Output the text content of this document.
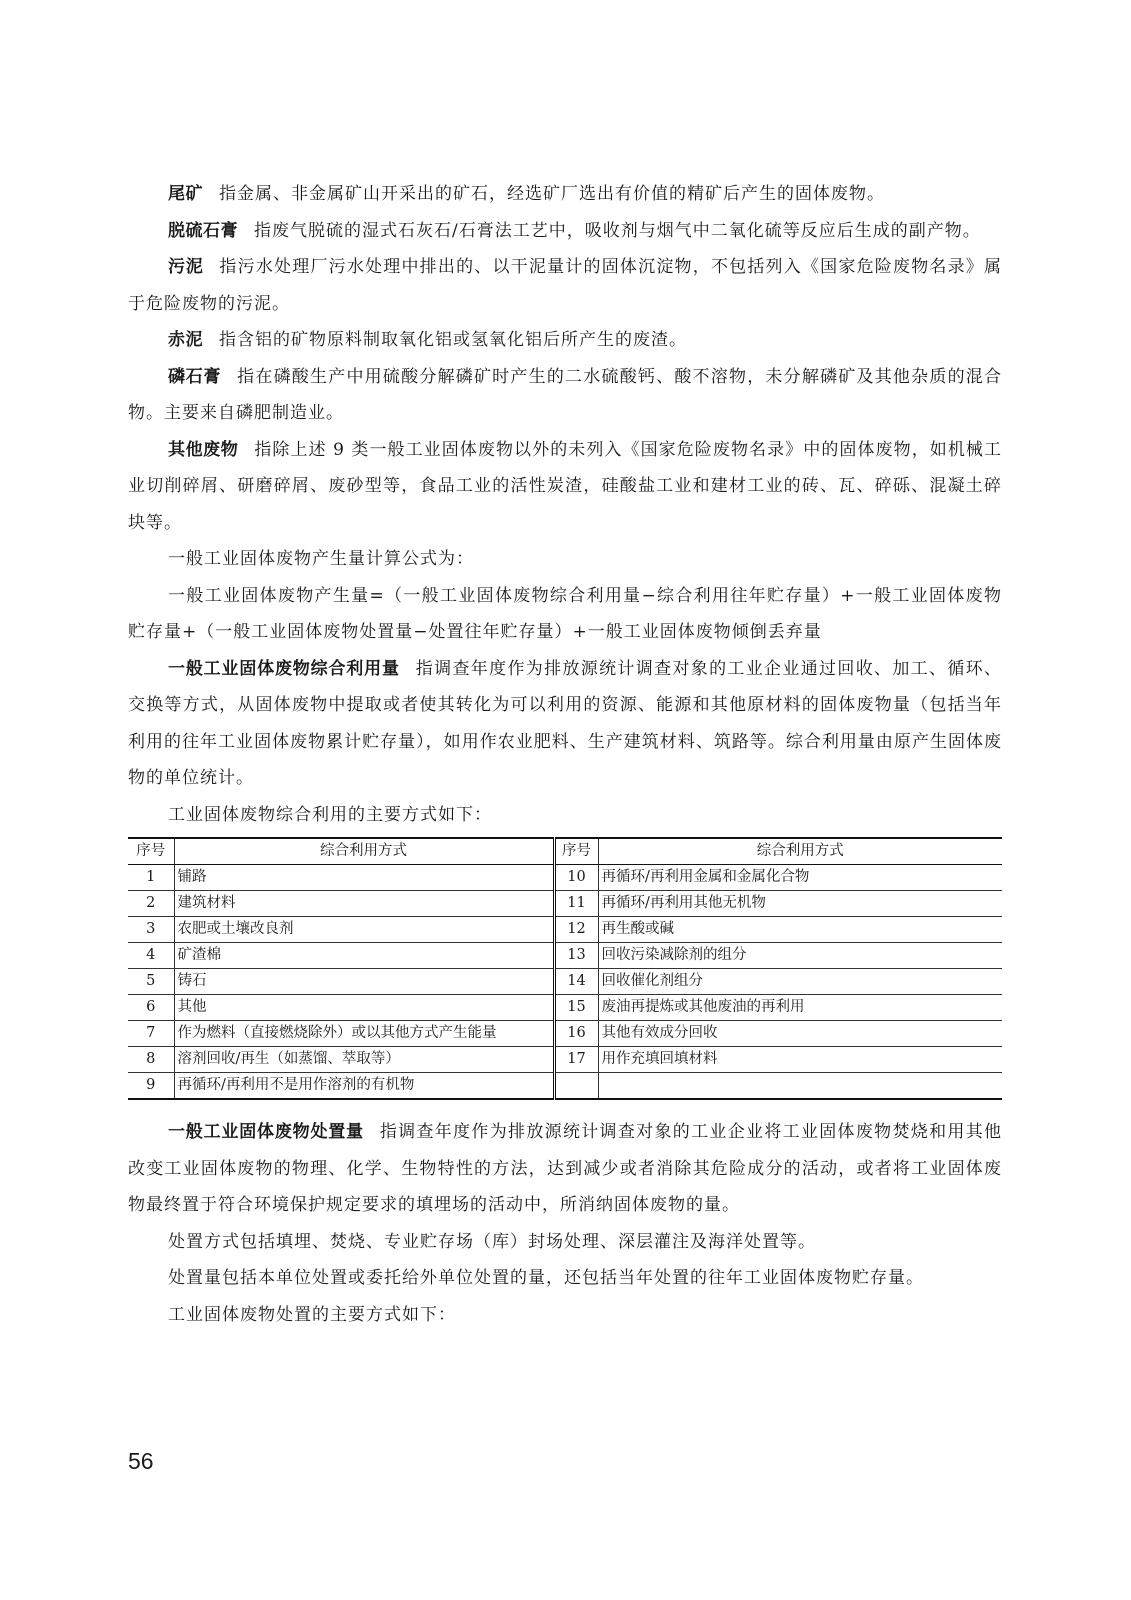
尾矿 指金属、非金属矿山开采出的矿石，经选矿厂选出有价值的精矿后产生的固体废物。

脱硫石膏 指废气脱硫的湿式石灰石/石膏法工艺中，吸收剂与烟气中二氧化硫等反应后生成的副产物。

污泥 指污水处理厂污水处理中排出的、以干泥量计的固体沉淀物，不包括列入《国家危险废物名录》属于危险废物的污泥。

赤泥 指含铝的矿物原料制取氧化铝或氢氧化铝后所产生的废渣。

磷石膏 指在磷酸生产中用硫酸分解磷矿时产生的二水硫酸钙、酸不溶物，未分解磷矿及其他杂质的混合物。主要来自磷肥制造业。

其他废物 指除上述 9 类一般工业固体废物以外的未列入《国家危险废物名录》中的固体废物，如机械工业切削碎屑、研磨碎屑、废砂型等，食品工业的活性炭渣，硅酸盐工业和建材工业的砖、瓦、碎砾、混凝土碎块等。

一般工业固体废物产生量计算公式为：

一般工业固体废物产生量=（一般工业固体废物综合利用量−综合利用往年贮存量）+一般工业固体废物贮存量+（一般工业固体废物处置量−处置往年贮存量）+一般工业固体废物倾倒丢弃量

一般工业固体废物综合利用量 指调查年度作为排放源统计调查对象的工业企业通过回收、加工、循环、交换等方式，从固体废物中提取或者使其转化为可以利用的资源、能源和其他原材料的固体废物量（包括当年利用的往年工业固体废物累计贮存量），如用作农业肥料、生产建筑材料、筑路等。综合利用量由原产生固体废物的单位统计。

工业固体废物综合利用的主要方式如下：

序号	综合利用方式	序号	综合利用方式
1	铺路	10	再循环/再利用金属和金属化合物
2	建筑材料	11	再循环/再利用其他无机物
3	农肥或土壤改良剂	12	再生酸或碱
4	矿渣棉	13	回收污染减除剂的组分
5	铸石	14	回收催化剂组分
6	其他	15	废油再提炼或其他废油的再利用
7	作为燃料（直接燃烧除外）或以其他方式产生能量	16	其他有效成分回收
8	溶剂回收/再生（如蒸馏、萃取等）	17	用作充填回填材料
9	再循环/再利用不是用作溶剂的有机物		

一般工业固体废物处置量 指调查年度作为排放源统计调查对象的工业企业将工业固体废物焚烧和用其他改变工业固体废物的物理、化学、生物特性的方法，达到减少或者消除其危险成分的活动，或者将工业固体废物最终置于符合环境保护规定要求的填埋场的活动中，所消纳固体废物的量。

处置方式包括填埋、焚烧、专业贮存场（库）封场处理、深层灌注及海洋处置等。

处置量包括本单位处置或委托给外单位处置的量，还包括当年处置的往年工业固体废物贮存量。

工业固体废物处置的主要方式如下：

56
